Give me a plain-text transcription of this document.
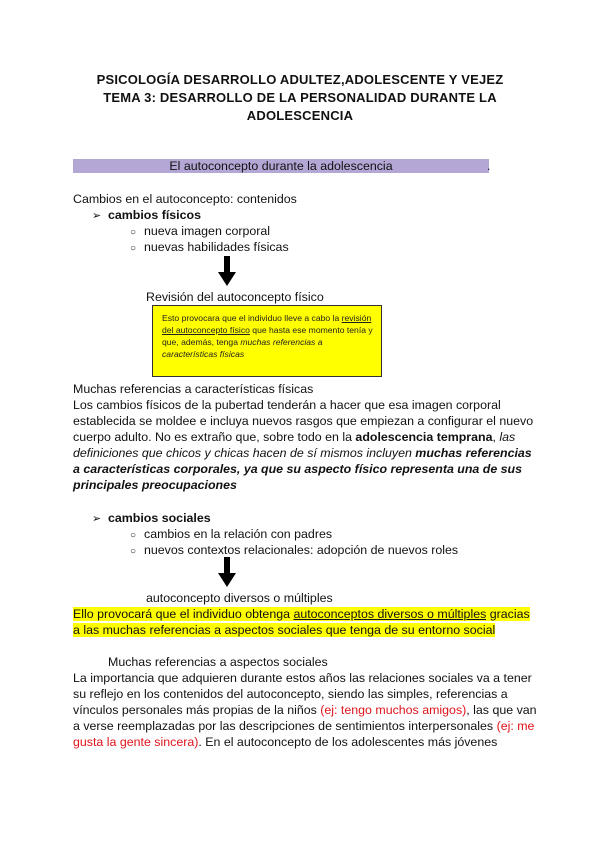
PSICOLOGÍA DESARROLLO ADULTEZ,ADOLESCENTE Y VEJEZ
TEMA 3: DESARROLLO DE LA PERSONALIDAD DURANTE LA
ADOLESCENCIA
El autoconcepto durante la adolescencia	.
Cambios en el autoconcepto: contenidos
➢ cambios físicos
○ nueva imagen corporal
○ nuevas habilidades físicas
Revisión del autoconcepto físico

Esto provocara que el individuo lleve a cabo la revisión del autoconcepto físico que hasta ese momento tenía y que, además, tenga muchas referencias a características físicas

Muchas referencias a características físicas
Los cambios físicos de la pubertad tenderán a hacer que esa imagen corporal
establecida se moldee e incluya nuevos rasgos que empiezan a configurar el nuevo
cuerpo adulto. No es extraño que, sobre todo en la adolescencia temprana, las
definiciones que chicos y chicas hacen de sí mismos incluyen muchas referencias
a características corporales, ya que su aspecto físico representa una de sus
principales preocupaciones
➢ cambios sociales
○ cambios en la relación con padres
○ nuevos contextos relacionales: adopción de nuevos roles
autoconcepto diversos o múltiples
Ello provocará que el individuo obtenga autoconceptos diversos o múltiples gracias
a las muchas referencias a aspectos sociales que tenga de su entorno social
Muchas referencias a aspectos sociales
La importancia que adquieren durante estos años las relaciones sociales va a tener
su reflejo en los contenidos del autoconcepto, siendo las simples, referencias a
vínculos personales más propias de la niños (ej: tengo muchos amigos), las que van
a verse reemplazadas por las descripciones de sentimientos interpersonales (ej: me
gusta la gente sincera). En el autoconcepto de los adolescentes más jóvenes
